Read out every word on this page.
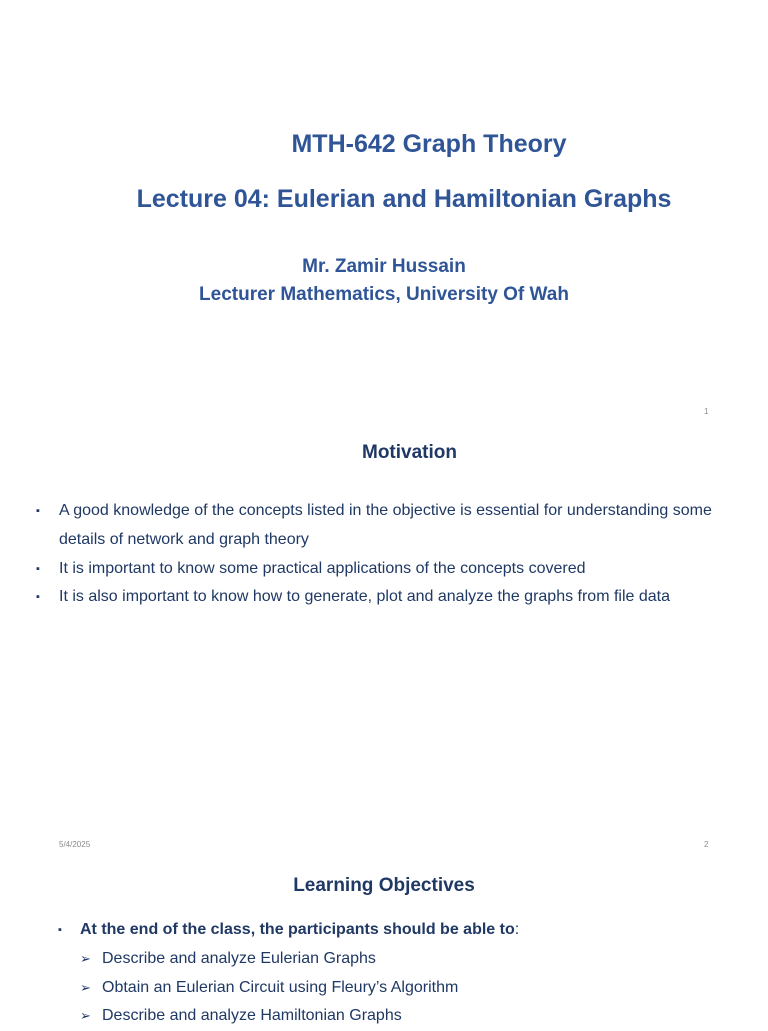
MTH-642 Graph Theory
Lecture 04: Eulerian and Hamiltonian Graphs
Mr. Zamir Hussain
Lecturer Mathematics, University Of Wah
1
Motivation
▪ A good knowledge of the concepts listed in the objective is essential for understanding some details of network and graph theory
▪ It is important to know some practical applications of the concepts covered
▪ It is also important to know how to generate, plot and analyze the graphs from file data
5/4/2025	2
Learning Objectives
▪ At the end of the class, the participants should be able to:
➢ Describe and analyze Eulerian Graphs
➢ Obtain an Eulerian Circuit using Fleury’s Algorithm
➢ Describe and analyze Hamiltonian Graphs
